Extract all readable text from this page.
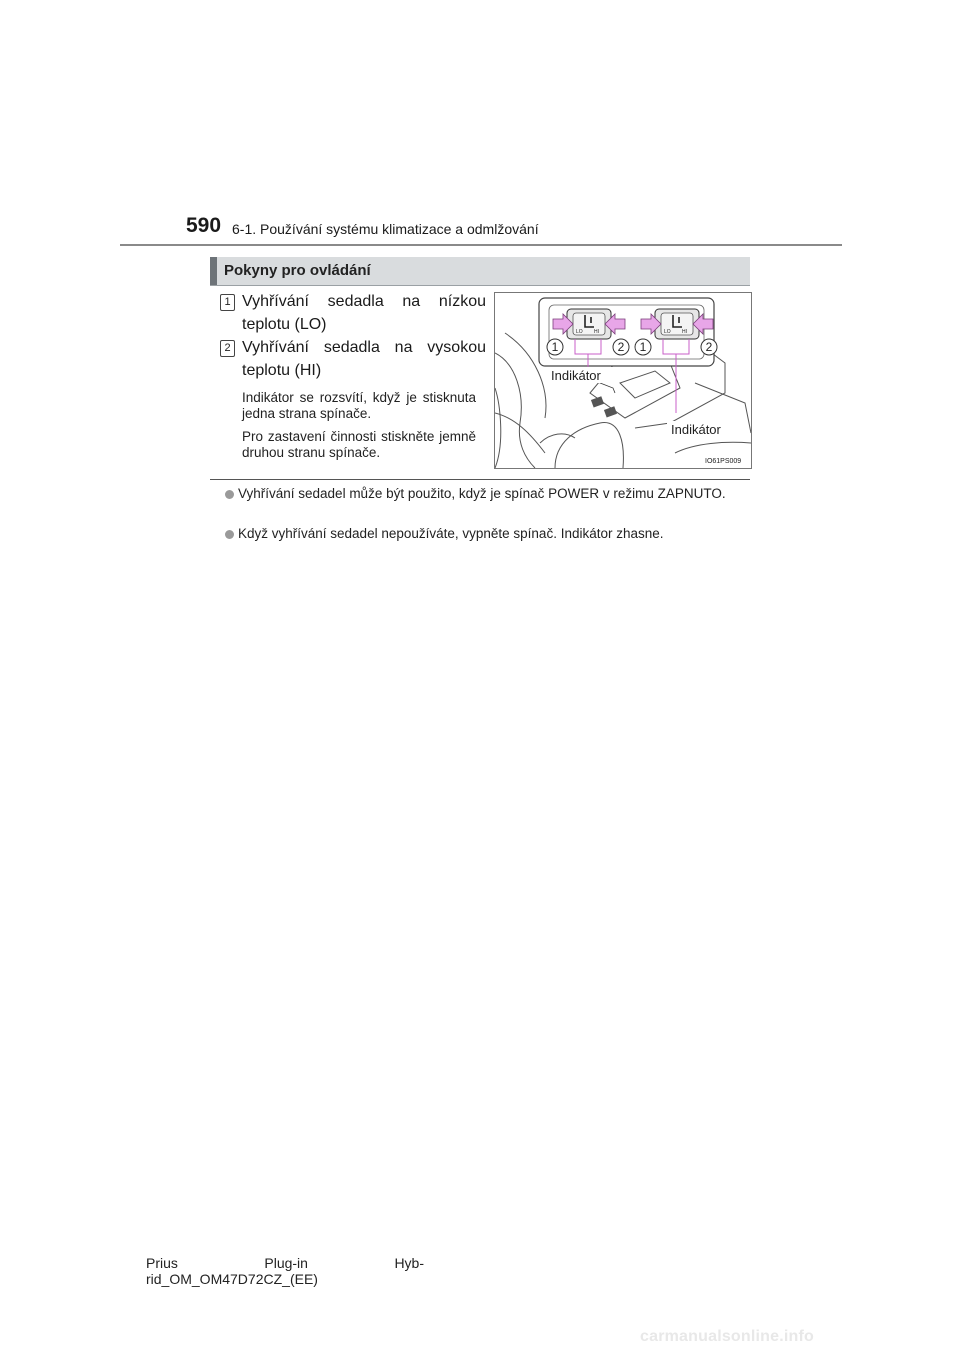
590 6-1. Používání systému klimatizace a odmlžování
Pokyny pro ovládání
1 Vyhřívání sedadla na nízkou teplotu (LO)
2 Vyhřívání sedadla na vysokou teplotu (HI)
Indikátor se rozsvítí, když je stisknuta jedna strana spínače.
Pro zastavení činnosti stiskněte jemně druhou stranu spínače.
LO HI	LO HI
1	2 1	2
Indikátor
Indikátor
IO61PS009
Vyhřívání sedadel může být použito, když je spínač POWER v režimu ZAPNUTO.
Když vyhřívání sedadel nepoužíváte, vypněte spínač. Indikátor zhasne.
Prius	Plug-in	Hyb-
rid_OM_OM47D72CZ_(EE)
carmanualsonline.info
